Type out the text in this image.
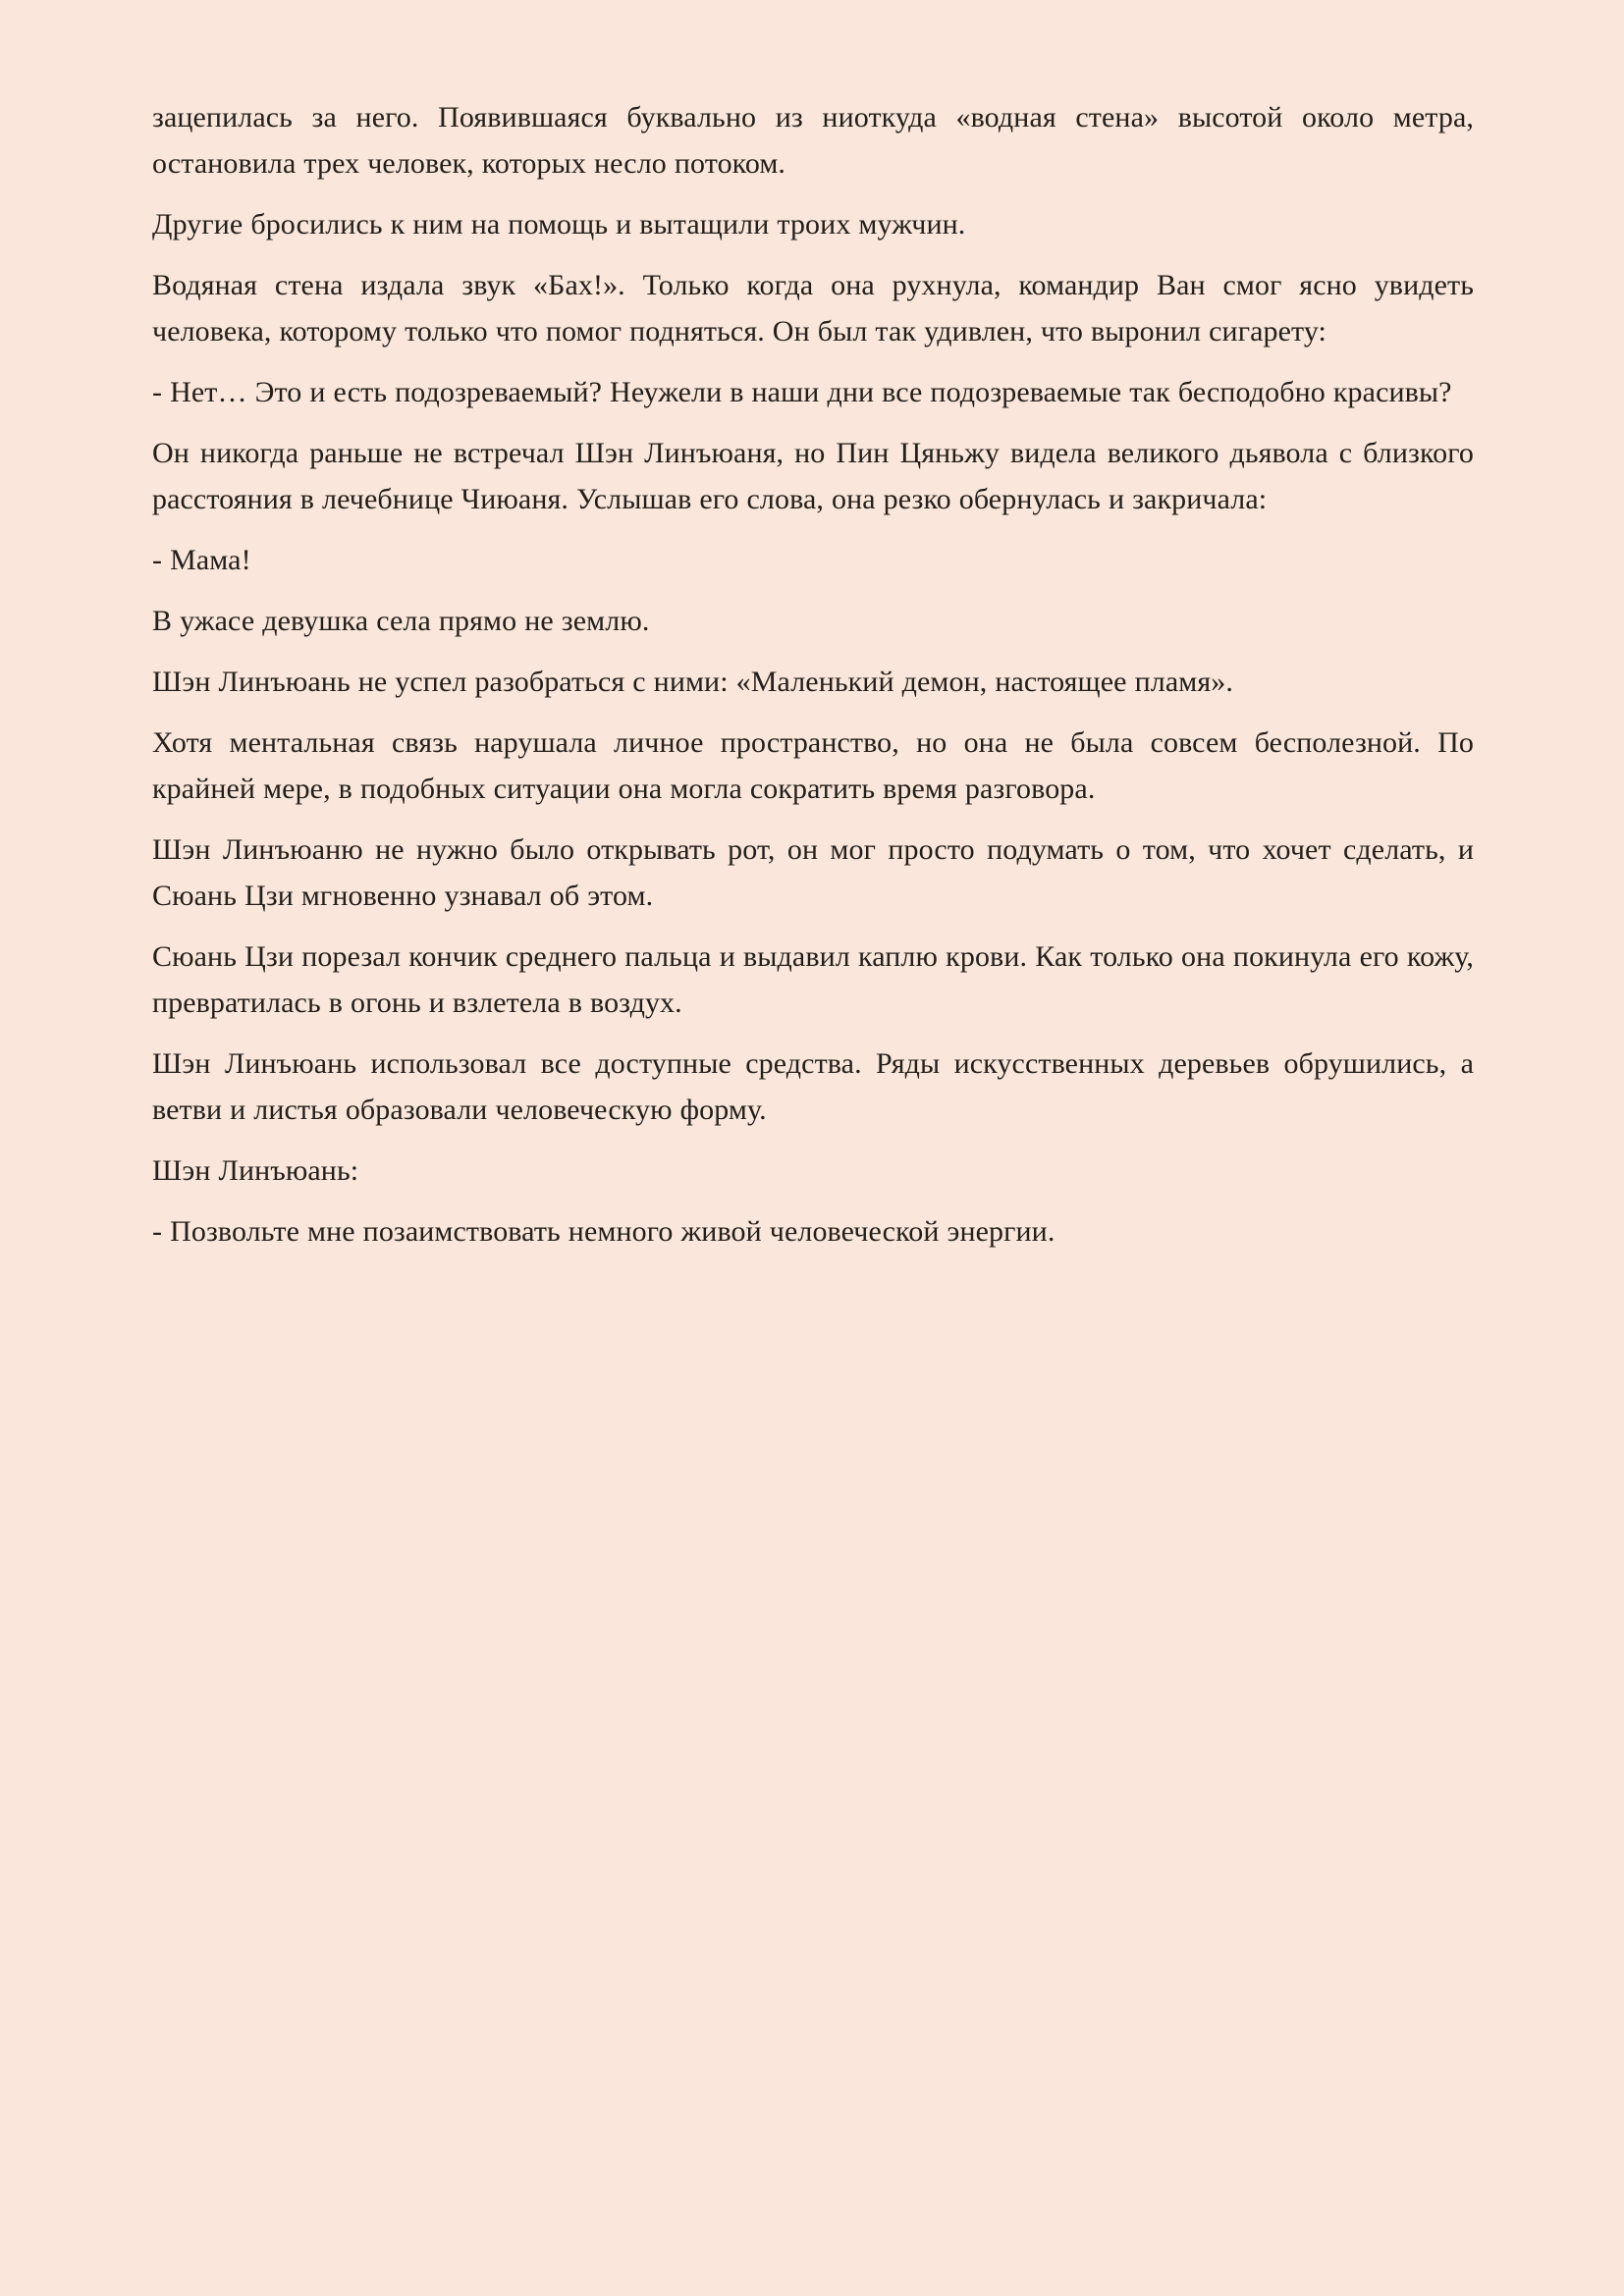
зацепилась за него. Появившаяся буквально из ниоткуда «водная стена» высотой около метра, остановила трех человек, которых несло потоком.

Другие бросились к ним на помощь и вытащили троих мужчин.

Водяная стена издала звук «Бах!». Только когда она рухнула, командир Ван смог ясно увидеть человека, которому только что помог подняться. Он был так удивлен, что выронил сигарету:

- Нет… Это и есть подозреваемый? Неужели в наши дни все подозреваемые так бесподобно красивы?

Он никогда раньше не встречал Шэн Линъюаня, но Пин Цяньжу видела великого дьявола с близкого расстояния в лечебнице Чиюаня. Услышав его слова, она резко обернулась и закричала:

- Мама!

В ужасе девушка села прямо не землю.

Шэн Линъюань не успел разобраться с ними: «Маленький демон, настоящее пламя».

Хотя ментальная связь нарушала личное пространство, но она не была совсем бесполезной. По крайней мере, в подобных ситуации она могла сократить время разговора.

Шэн Линъюаню не нужно было открывать рот, он мог просто подумать о том, что хочет сделать, и Сюань Цзи мгновенно узнавал об этом.

Сюань Цзи порезал кончик среднего пальца и выдавил каплю крови. Как только она покинула его кожу, превратилась в огонь и взлетела в воздух.

Шэн Линъюань использовал все доступные средства. Ряды искусственных деревьев обрушились, а ветви и листья образовали человеческую форму.

Шэн Линъюань:

- Позвольте мне позаимствовать немного живой человеческой энергии.
